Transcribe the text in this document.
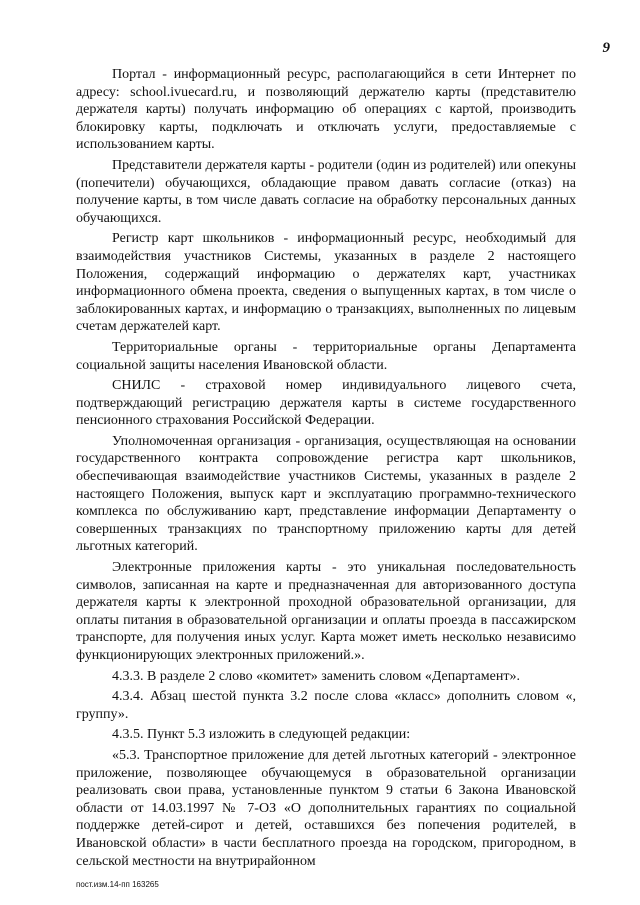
9

Портал - информационный ресурс, располагающийся в сети Интернет по адресу: school.ivuecard.ru, и позволяющий держателю карты (представителю держателя карты) получать информацию об операциях с картой, производить блокировку карты, подключать и отключать услуги, предоставляемые с использованием карты.

Представители держателя карты - родители (один из родителей) или опекуны (попечители) обучающихся, обладающие правом давать согласие (отказ) на получение карты, в том числе давать согласие на обработку персональных данных обучающихся.

Регистр карт школьников - информационный ресурс, необходимый для взаимодействия участников Системы, указанных в разделе 2 настоящего Положения, содержащий информацию о держателях карт, участниках информационного обмена проекта, сведения о выпущенных картах, в том числе о заблокированных картах, и информацию о транзакциях, выполненных по лицевым счетам держателей карт.

Территориальные органы - территориальные органы Департамента социальной защиты населения Ивановской области.

СНИЛС - страховой номер индивидуального лицевого счета, подтверждающий регистрацию держателя карты в системе государственного пенсионного страхования Российской Федерации.

Уполномоченная организация - организация, осуществляющая на основании государственного контракта сопровождение регистра карт школьников, обеспечивающая взаимодействие участников Системы, указанных в разделе 2 настоящего Положения, выпуск карт и эксплуатацию программно-технического комплекса по обслуживанию карт, представление информации Департаменту о совершенных транзакциях по транспортному приложению карты для детей льготных категорий.

Электронные приложения карты - это уникальная последовательность символов, записанная на карте и предназначенная для авторизованного доступа держателя карты к электронной проходной образовательной организации, для оплаты питания в образовательной организации и оплаты проезда в пассажирском транспорте, для получения иных услуг. Карта может иметь несколько независимо функционирующих электронных приложений.».

4.3.3. В разделе 2 слово «комитет» заменить словом «Департамент».

4.3.4. Абзац шестой пункта 3.2 после слова «класс» дополнить словом «, группу».

4.3.5. Пункт 5.3 изложить в следующей редакции:

«5.3. Транспортное приложение для детей льготных категорий - электронное приложение, позволяющее обучающемуся в образовательной организации реализовать свои права, установленные пунктом 9 статьи 6 Закона Ивановской области от 14.03.1997 № 7-ОЗ «О дополнительных гарантиях по социальной поддержке детей-сирот и детей, оставшихся без попечения родителей, в Ивановской области» в части бесплатного проезда на городском, пригородном, в сельской местности на внутрирайонном

пост.изм.14-пп 163265
